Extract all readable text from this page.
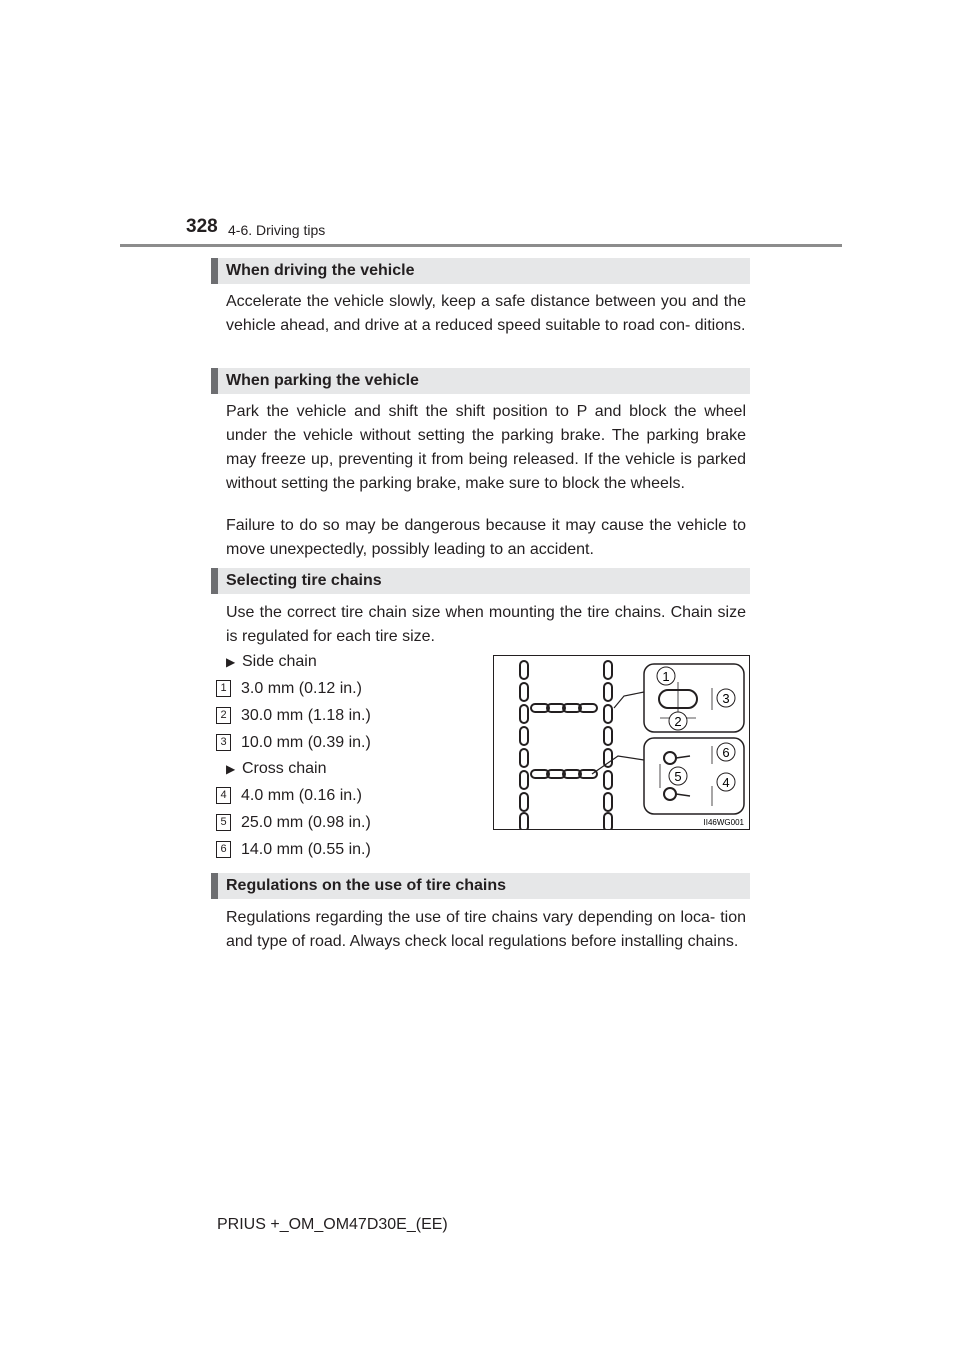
328 4-6. Driving tips
When driving the vehicle

Accelerate the vehicle slowly, keep a safe distance between you and the vehicle ahead, and drive at a reduced speed suitable to road con- ditions.

When parking the vehicle

Park the vehicle and shift the shift position to P and block the wheel under the vehicle without setting the parking brake. The parking brake may freeze up, preventing it from being released. If the vehicle is parked without setting the parking brake, make sure to block the wheels.

Failure to do so may be dangerous because it may cause the vehicle to move unexpectedly, possibly leading to an accident.

Selecting tire chains

Use the correct tire chain size when mounting the tire chains. Chain size is regulated for each tire size.

▶ Side chain
1 3.0 mm (0.12 in.)
2 30.0 mm (1.18 in.)
3 10.0 mm (0.39 in.)
▶ Cross chain
4 4.0 mm (0.16 in.)
5 25.0 mm (0.98 in.)
6 14.0 mm (0.55 in.)
1
2
3
4
5
6
II46WG001
Regulations on the use of tire chains

Regulations regarding the use of tire chains vary depending on loca- tion and type of road. Always check local regulations before installing chains.

PRIUS +_OM_OM47D30E_(EE)
